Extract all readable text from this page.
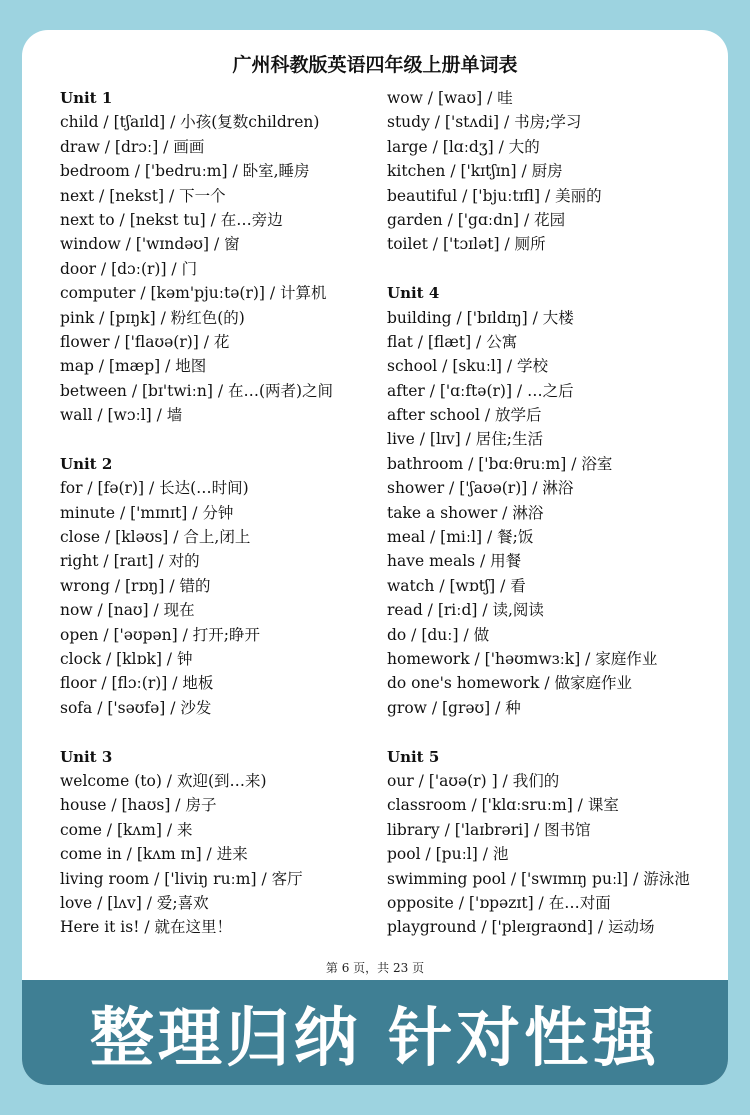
广州科教版英语四年级上册单词表
Unit 1
child / [tʃaɪld] / 小孩(复数children)
draw / [drɔː] / 画画
bedroom / ['bedruːm] / 卧室,睡房
next / [nekst] / 下一个
next to / [nekst tu] / 在…旁边
window / ['wɪndəʊ] / 窗
door / [dɔː(r)] / 门
computer / [kəm'pjuːtə(r)] / 计算机
pink / [pɪŋk] / 粉红色(的)
flower / ['flaʊə(r)] / 花
map / [mæp] / 地图
between / [bɪ'twiːn] / 在…(两者)之间
wall / [wɔːl] / 墙
Unit 2
for / [fə(r)] / 长达(…时间)
minute / ['mɪnɪt] / 分钟
close / [kləʊs] / 合上,闭上
right / [raɪt] / 对的
wrong / [rɒŋ] / 错的
now / [naʊ] / 现在
open / ['əʊpən] / 打开;睁开
clock / [klɒk] / 钟
floor / [flɔː(r)] / 地板
sofa / ['səʊfə] / 沙发
Unit 3
welcome (to) / 欢迎(到…来)
house / [haʊs] / 房子
come / [kʌm] / 来
come in / [kʌm ɪn] / 进来
living room / ['liviŋ ruːm] / 客厅
love / [lʌv] / 爱;喜欢
Here it is! / 就在这里！
wow / [waʊ] / 哇
study / ['stʌdi] / 书房;学习
large / [lɑːdʒ] / 大的
kitchen / ['kɪtʃɪn] / 厨房
beautiful / ['bjuːtɪfl] / 美丽的
garden / ['gɑːdn] / 花园
toilet / ['tɔɪlət] / 厕所
Unit 4
building / ['bɪldɪŋ] / 大楼
flat / [flæt] / 公寓
school / [skuːl] / 学校
after / ['ɑːftə(r)] / …之后
after school / 放学后
live / [lɪv] / 居住;生活
bathroom / ['bɑːθruːm] / 浴室
shower / ['ʃaʊə(r)] / 淋浴
take a shower / 淋浴
meal / [miːl] / 餐;饭
have meals / 用餐
watch / [wɒtʃ] / 看
read / [riːd] / 读,阅读
do / [duː] / 做
homework / ['həʊmwɜːk] / 家庭作业
do one's homework / 做家庭作业
grow / [grəʊ] / 种
Unit 5
our / ['aʊə(r) ] / 我们的
classroom / ['klɑːsruːm] / 课室
library / ['laɪbrəri] / 图书馆
pool / [puːl] / 池
swimming pool / ['swɪmɪŋ puːl] / 游泳池
opposite / ['ɒpəzɪt] / 在…对面
playground / ['pleɪgraʊnd] / 运动场
第 6 页，共 23 页
整理归纳 针对性强
